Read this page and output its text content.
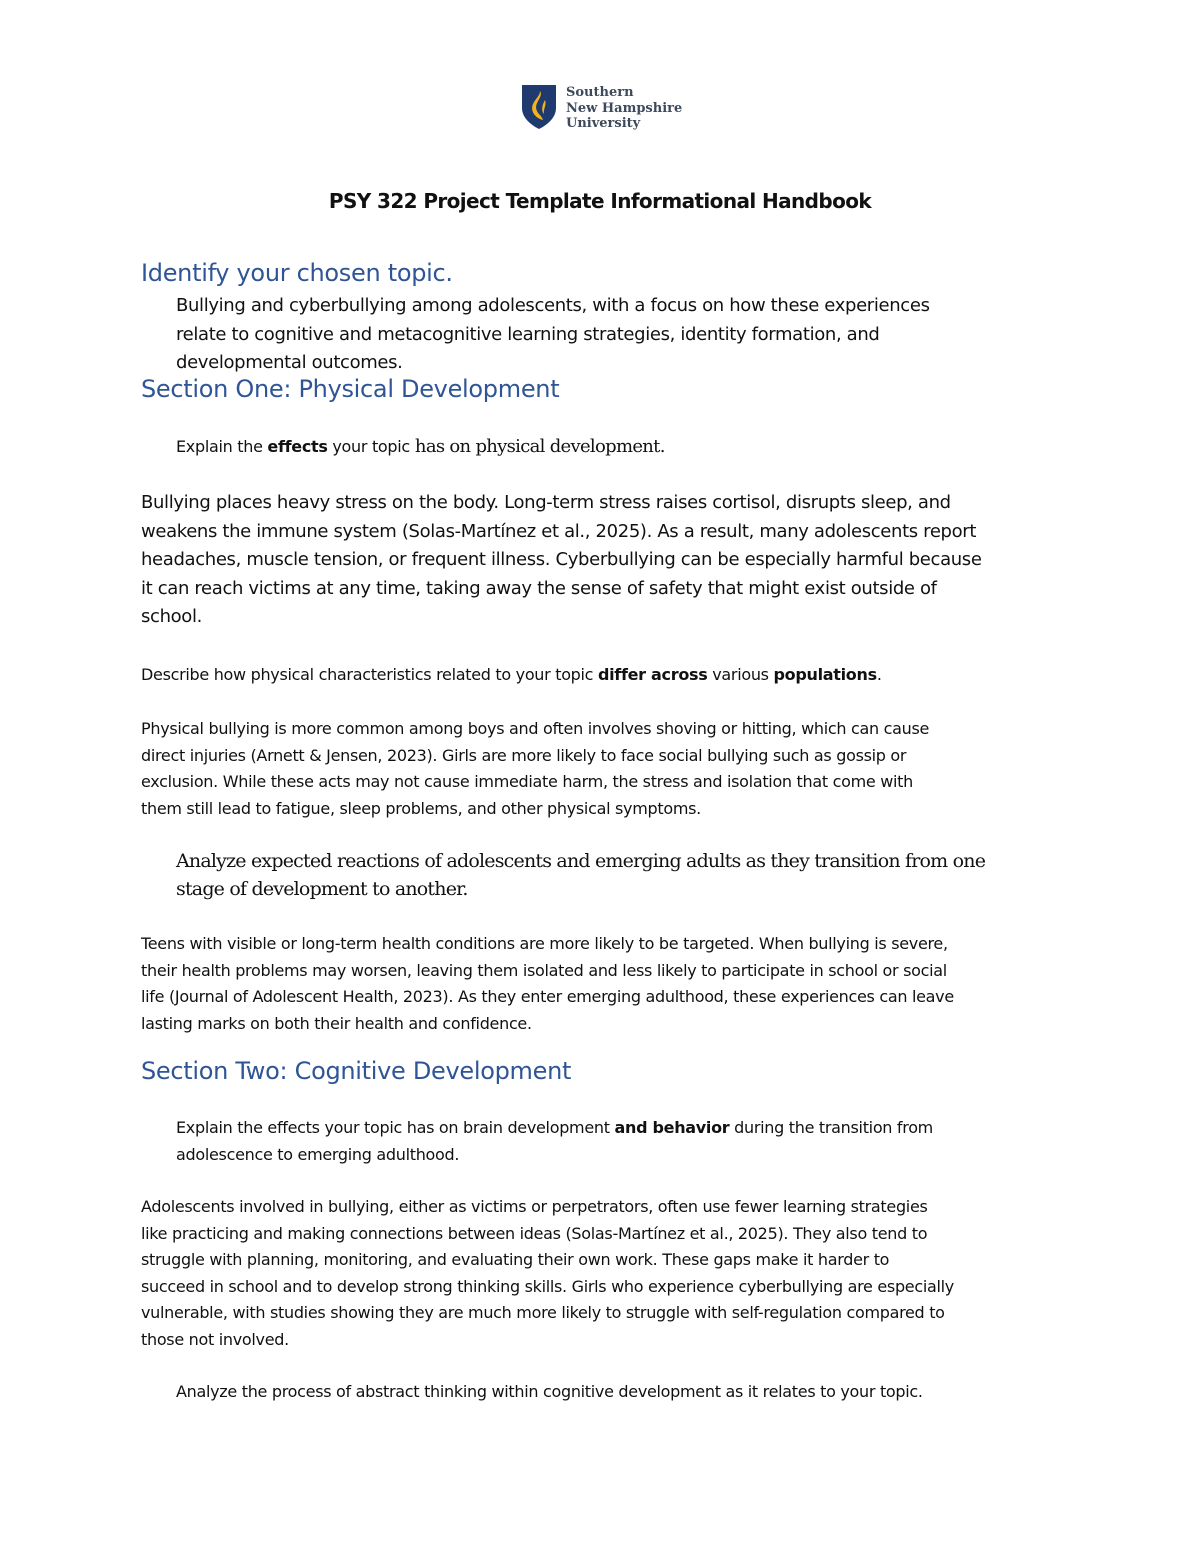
Southern
New Hampshire
University
PSY 322 Project Template Informational Handbook
Identify your chosen topic.
Bullying and cyberbullying among adolescents, with a focus on how these experiences
relate to cognitive and metacognitive learning strategies, identity formation, and
developmental outcomes.
Section One: Physical Development
Explain the effects your topic has on physical development.
Bullying places heavy stress on the body. Long-term stress raises cortisol, disrupts sleep, and
weakens the immune system (Solas-Martínez et al., 2025). As a result, many adolescents report
headaches, muscle tension, or frequent illness. Cyberbullying can be especially harmful because
it can reach victims at any time, taking away the sense of safety that might exist outside of
school.
Describe how physical characteristics related to your topic differ across various populations.
Physical bullying is more common among boys and often involves shoving or hitting, which can cause
direct injuries (Arnett & Jensen, 2023). Girls are more likely to face social bullying such as gossip or
exclusion. While these acts may not cause immediate harm, the stress and isolation that come with
them still lead to fatigue, sleep problems, and other physical symptoms.
Analyze expected reactions of adolescents and emerging adults as they transition from one
stage of development to another.
Teens with visible or long-term health conditions are more likely to be targeted. When bullying is severe,
their health problems may worsen, leaving them isolated and less likely to participate in school or social
life (Journal of Adolescent Health, 2023). As they enter emerging adulthood, these experiences can leave
lasting marks on both their health and confidence.
Section Two: Cognitive Development
Explain the effects your topic has on brain development and behavior during the transition from
adolescence to emerging adulthood.
Adolescents involved in bullying, either as victims or perpetrators, often use fewer learning strategies
like practicing and making connections between ideas (Solas-Martínez et al., 2025). They also tend to
struggle with planning, monitoring, and evaluating their own work. These gaps make it harder to
succeed in school and to develop strong thinking skills. Girls who experience cyberbullying are especially
vulnerable, with studies showing they are much more likely to struggle with self-regulation compared to
those not involved.
Analyze the process of abstract thinking within cognitive development as it relates to your topic.
